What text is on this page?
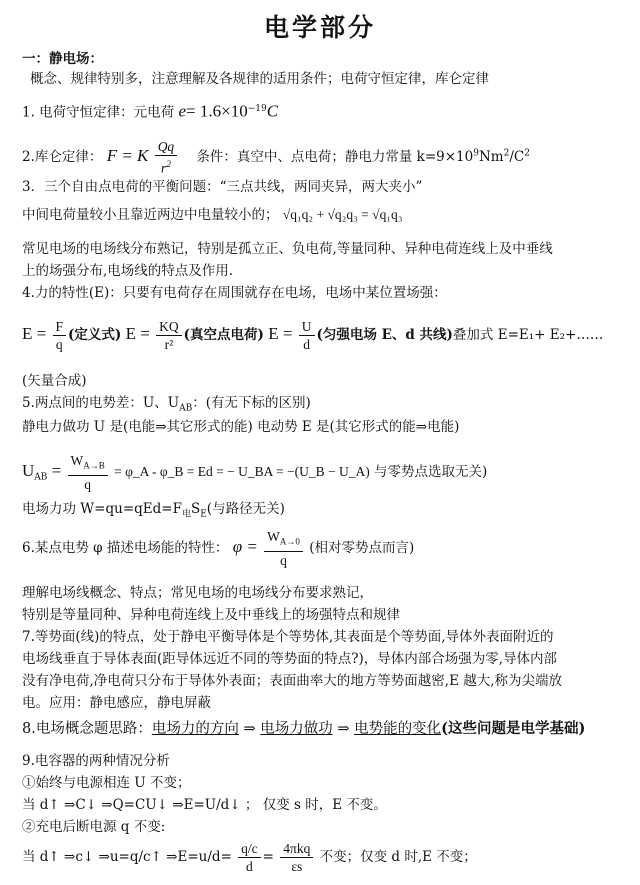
电学部分
一：静电场：
概念、规律特别多，注意理解及各规律的适用条件；电荷守恒定律，库仑定律
1. 电荷守恒定律：元电荷 $e= 1.6\times 10^{-19}C$
2.库仑定律： F = K $\frac{Qq}{r^2}$ 条件：真空中、点电荷；静电力常量 $k=9\times 10^9Nm^2/C^2$
3．三个自由点电荷的平衡问题：“三点共线，两同夹异，两大夹小”
中间电荷量较小且靠近两边中电量较小的； √q₁q₂ + √q₂q₃ = √q₁q₃
常见电场的电场线分布熟记，特别是孤立正、负电荷,等量同种、异种电荷连线上及中垂线
上的场强分布,电场线的特点及作用.
4.力的特性(E)：只要有电荷存在周围就存在电场，电场中某位置场强：
$E = \frac{F}{q}$ (定义式) $E = \frac{KQ}{\text{r²}}$ (真空点电荷) $E = \frac{U}{d}$ (匀强电场 E、d 共线)叠加式 E=E₁+ E₂+……
(矢量合成)
5.两点间的电势差：U、$U_{AB}$：(有无下标的区别)
静电力做功 U 是(电能⇒其它形式的能) 电动势 E 是(其它形式的能⇒电能)
$U_{AB} = \frac{W_{A\to B}}{q}$ = φ_A - φ_B = Ed = − U_BA = −(U_B − U_A) 与零势点选取无关)
电场力功 $W=qu=qEd=F_电S_E$(与路径无关)
6.某点电势 φ 描述电场能的特性： $\varphi = \frac{W_{A\to 0}}{q}$ (相对零势点而言)
理解电场线概念、特点；常见电场的电场线分布要求熟记，
特别是等量同种、异种电荷连线上及中垂线上的场强特点和规律
7.等势面(线)的特点，处于静电平衡导体是个等势体,其表面是个等势面,导体外表面附近的
电场线垂直于导体表面(距导体远近不同的等势面的特点?)，导体内部合场强为零,导体内部
没有净电荷,净电荷只分布于导体外表面；表面曲率大的地方等势面越密,E 越大,称为尖端放
电。应用：静电感应，静电屏蔽
8.电场概念题思路：电场力的方向 ⇒ 电场力做功 ⇒ 电势能的变化(这些问题是电学基础)
9.电容器的两种情况分析
①始终与电源相连 U 不变；
当 d↑ ⇒C↓ ⇒Q=CU↓ ⇒E=U/d↓ ； 仅变 s 时，E 不变。
②充电后断电源 q 不变:
当 d↑ ⇒c↓ ⇒u=q/c↑ ⇒E=u/d= $\frac{q/c}{d} = \frac{\text{4πkq}}{\varepsilon s}$ 不变；仅变 d 时,E 不变；
